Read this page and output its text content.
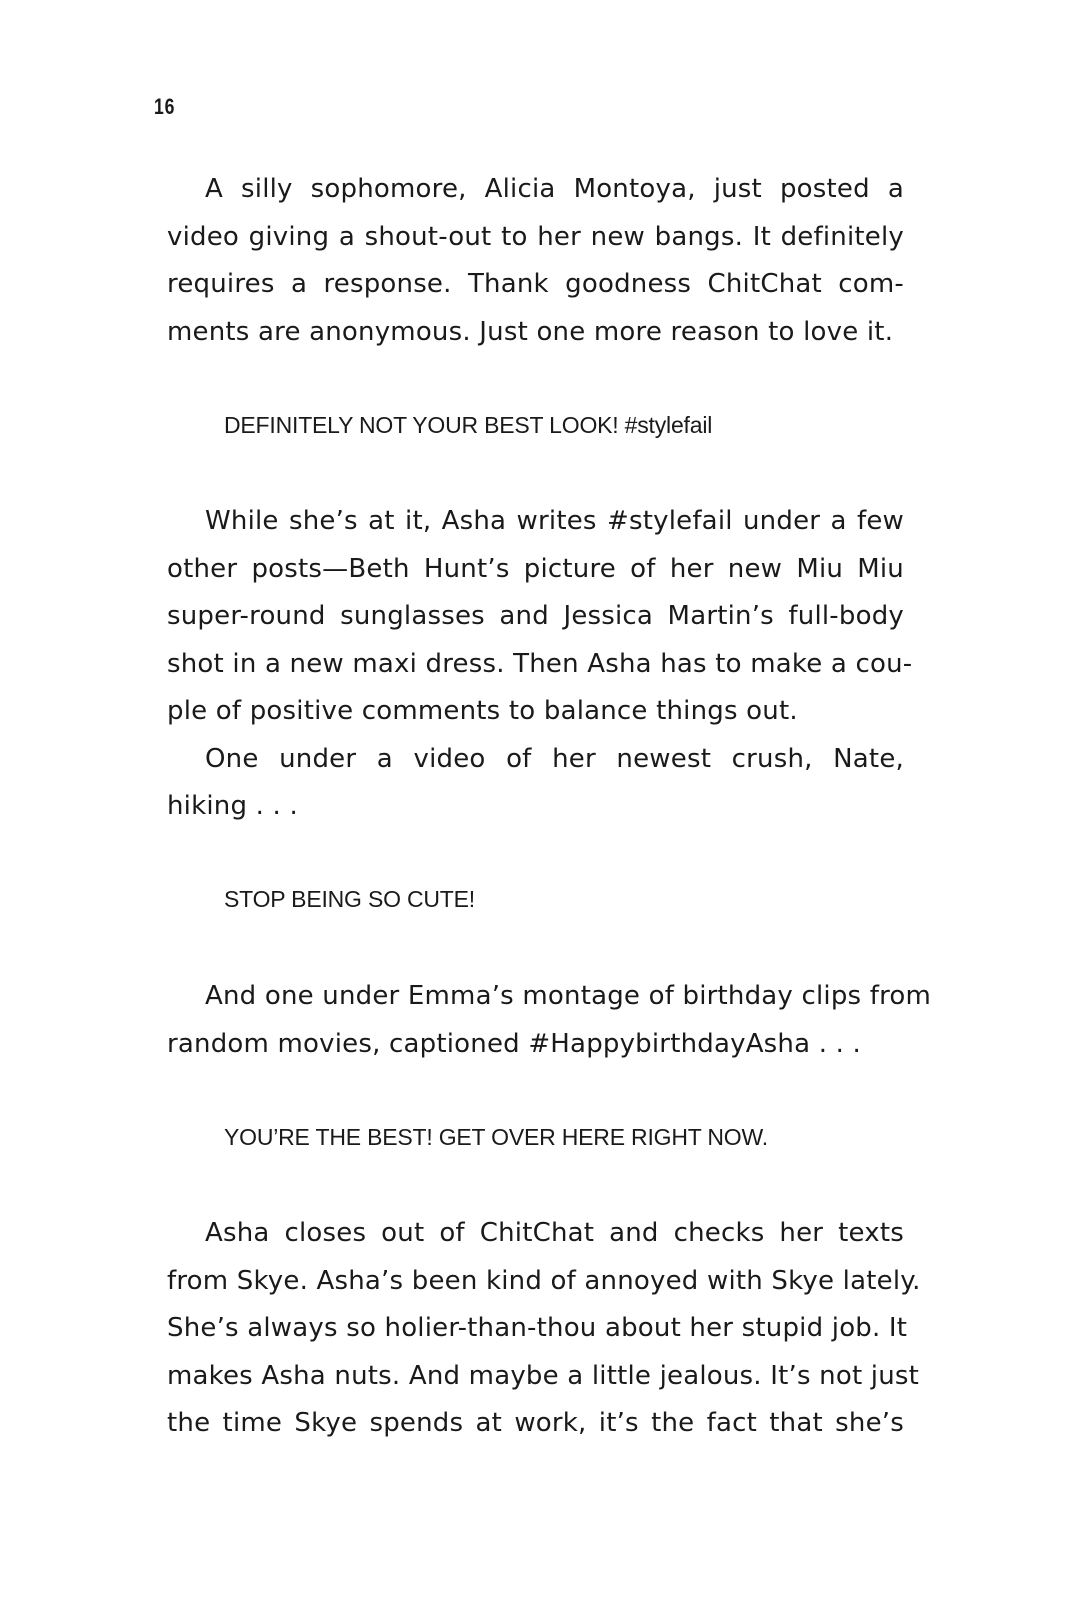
16
A silly sophomore, Alicia Montoya, just posted a
video giving a shout-out to her new bangs. It definitely
requires a response. Thank goodness ChitChat com-
ments are anonymous. Just one more reason to love it.
DEFINITELY NOT YOUR BEST LOOK! #stylefail
While she’s at it, Asha writes #stylefail under a few
other posts—Beth Hunt’s picture of her new Miu Miu
super-round sunglasses and Jessica Martin’s full-body
shot in a new maxi dress. Then Asha has to make a cou-
ple of positive comments to balance things out.
One under a video of her newest crush, Nate,
hiking . . .
STOP BEING SO CUTE!
And one under Emma’s montage of birthday clips from
random movies, captioned #HappybirthdayAsha . . .
YOU’RE THE BEST! GET OVER HERE RIGHT NOW.
Asha closes out of ChitChat and checks her texts
from Skye. Asha’s been kind of annoyed with Skye lately.
She’s always so holier-than-thou about her stupid job. It
makes Asha nuts. And maybe a little jealous. It’s not just
the time Skye spends at work, it’s the fact that she’s
